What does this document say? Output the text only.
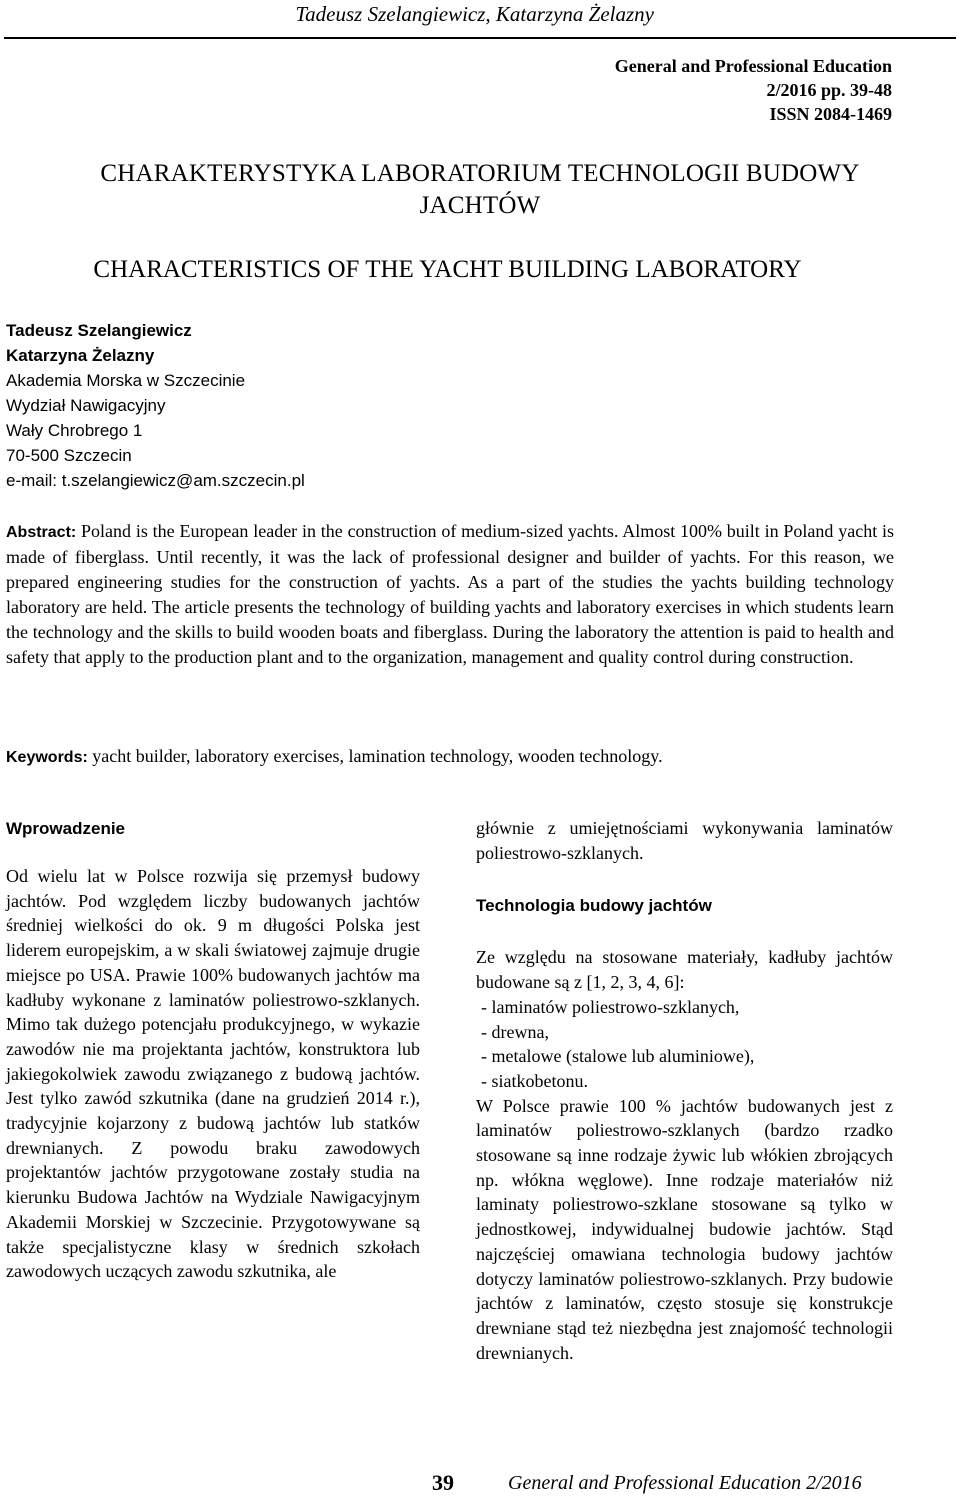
Tadeusz Szelangiewicz, Katarzyna Żelazny
General and Professional Education
2/2016 pp. 39-48
ISSN 2084-1469
CHARAKTERYSTYKA LABORATORIUM TECHNOLOGII BUDOWY
JACHTÓW
CHARACTERISTICS OF THE YACHT BUILDING LABORATORY
Tadeusz Szelangiewicz
Katarzyna Żelazny
Akademia Morska w Szczecinie
Wydział Nawigacyjny
Wały Chrobrego 1
70-500 Szczecin
e-mail: t.szelangiewicz@am.szczecin.pl
Abstract: Poland is the European leader in the construction of medium-sized yachts. Almost 100% built in Poland yacht is made of fiberglass. Until recently, it was the lack of professional designer and builder of yachts. For this reason, we prepared engineering studies for the construction of yachts. As a part of the studies the yachts building technology laboratory are held. The article presents the technology of building yachts and laboratory exercises in which students learn the technology and the skills to build wooden boats and fiberglass. During the laboratory the attention is paid to health and safety that apply to the production plant and to the organization, management and quality control during construction.
Keywords: yacht builder, laboratory exercises, lamination technology, wooden technology.
Wprowadzenie

Od wielu lat w Polsce rozwija się przemysł budowy jachtów. Pod względem liczby budowanych jachtów średniej wielkości do ok. 9 m długości Polska jest liderem europejskim, a w skali światowej zajmuje drugie miejsce po USA. Prawie 100% budowanych jachtów ma kadłuby wykonane z laminatów poliestrowo-szklanych. Mimo tak dużego potencjału produkcyjnego, w wykazie zawodów nie ma projektanta jachtów, konstruktora lub jakiegokolwiek zawodu związanego z budową jachtów. Jest tylko zawód szkutnika (dane na grudzień 2014 r.), tradycyjnie kojarzony z budową jachtów lub statków drewnianych. Z powodu braku zawodowych projektantów jachtów przygotowane zostały studia na kierunku Budowa Jachtów na Wydziale Nawigacyjnym Akademii Morskiej w Szczecinie. Przygotowywane są także specjalistyczne klasy w średnich szkołach zawodowych uczących zawodu szkutnika, ale

głównie z umiejętnościami wykonywania laminatów poliestrowo-szklanych.

Technologia budowy jachtów

Ze względu na stosowane materiały, kadłuby jachtów budowane są z [1, 2, 3, 4, 6]:

- laminatów poliestrowo-szklanych,
- drewna,
- metalowe (stalowe lub aluminiowe),
- siatkobetonu.

W Polsce prawie 100 % jachtów budowanych jest z laminatów poliestrowo-szklanych (bardzo rzadko stosowane są inne rodzaje żywic lub włókien zbrojących np. włókna węglowe). Inne rodzaje materiałów niż laminaty poliestrowo-szklane stosowane są tylko w jednostkowej, indywidualnej budowie jachtów. Stąd najczęściej omawiana technologia budowy jachtów dotyczy laminatów poliestrowo-szklanych. Przy budowie jachtów z laminatów, często stosuje się konstrukcje drewniane stąd też niezbędna jest znajomość technologii drewnianych.

39	General and Professional Education 2/2016
